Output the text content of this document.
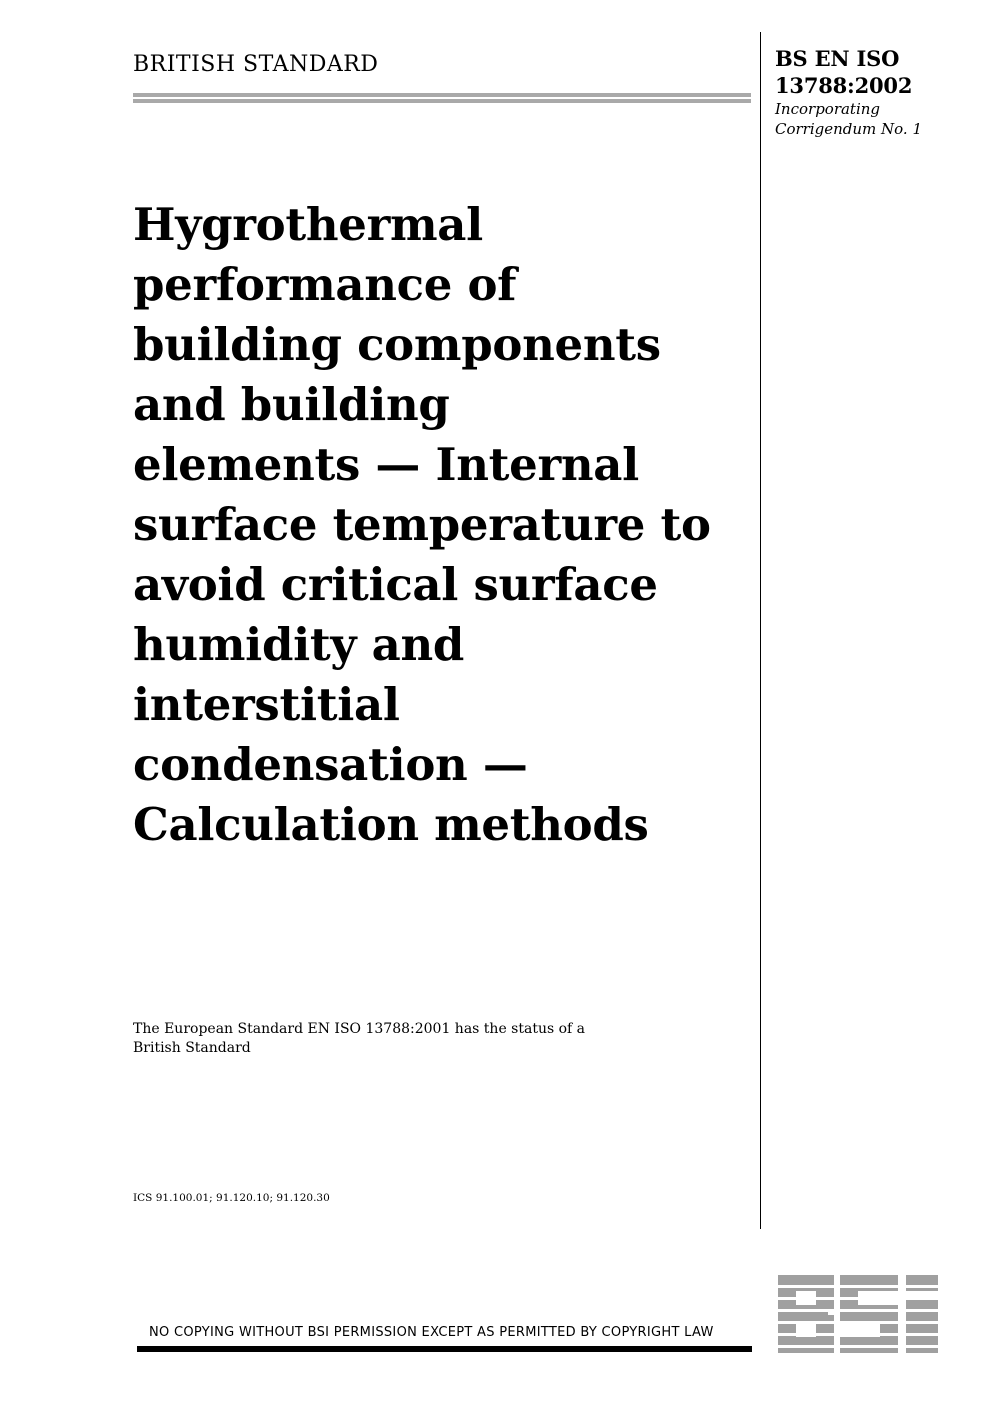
BRITISH STANDARD	BS EN ISO
13788:2002
Incorporating
Corrigendum No. 1
Hygrothermal
performance of
building components
and building
elements — Internal
surface temperature to
avoid critical surface
humidity and
interstitial
condensation —
Calculation methods
The European Standard EN ISO 13788:2001 has the status of a
British Standard
ICS 91.100.01; 91.120.10; 91.120.30
NO COPYING WITHOUT BSI PERMISSION EXCEPT AS PERMITTED BY COPYRIGHT LAW
